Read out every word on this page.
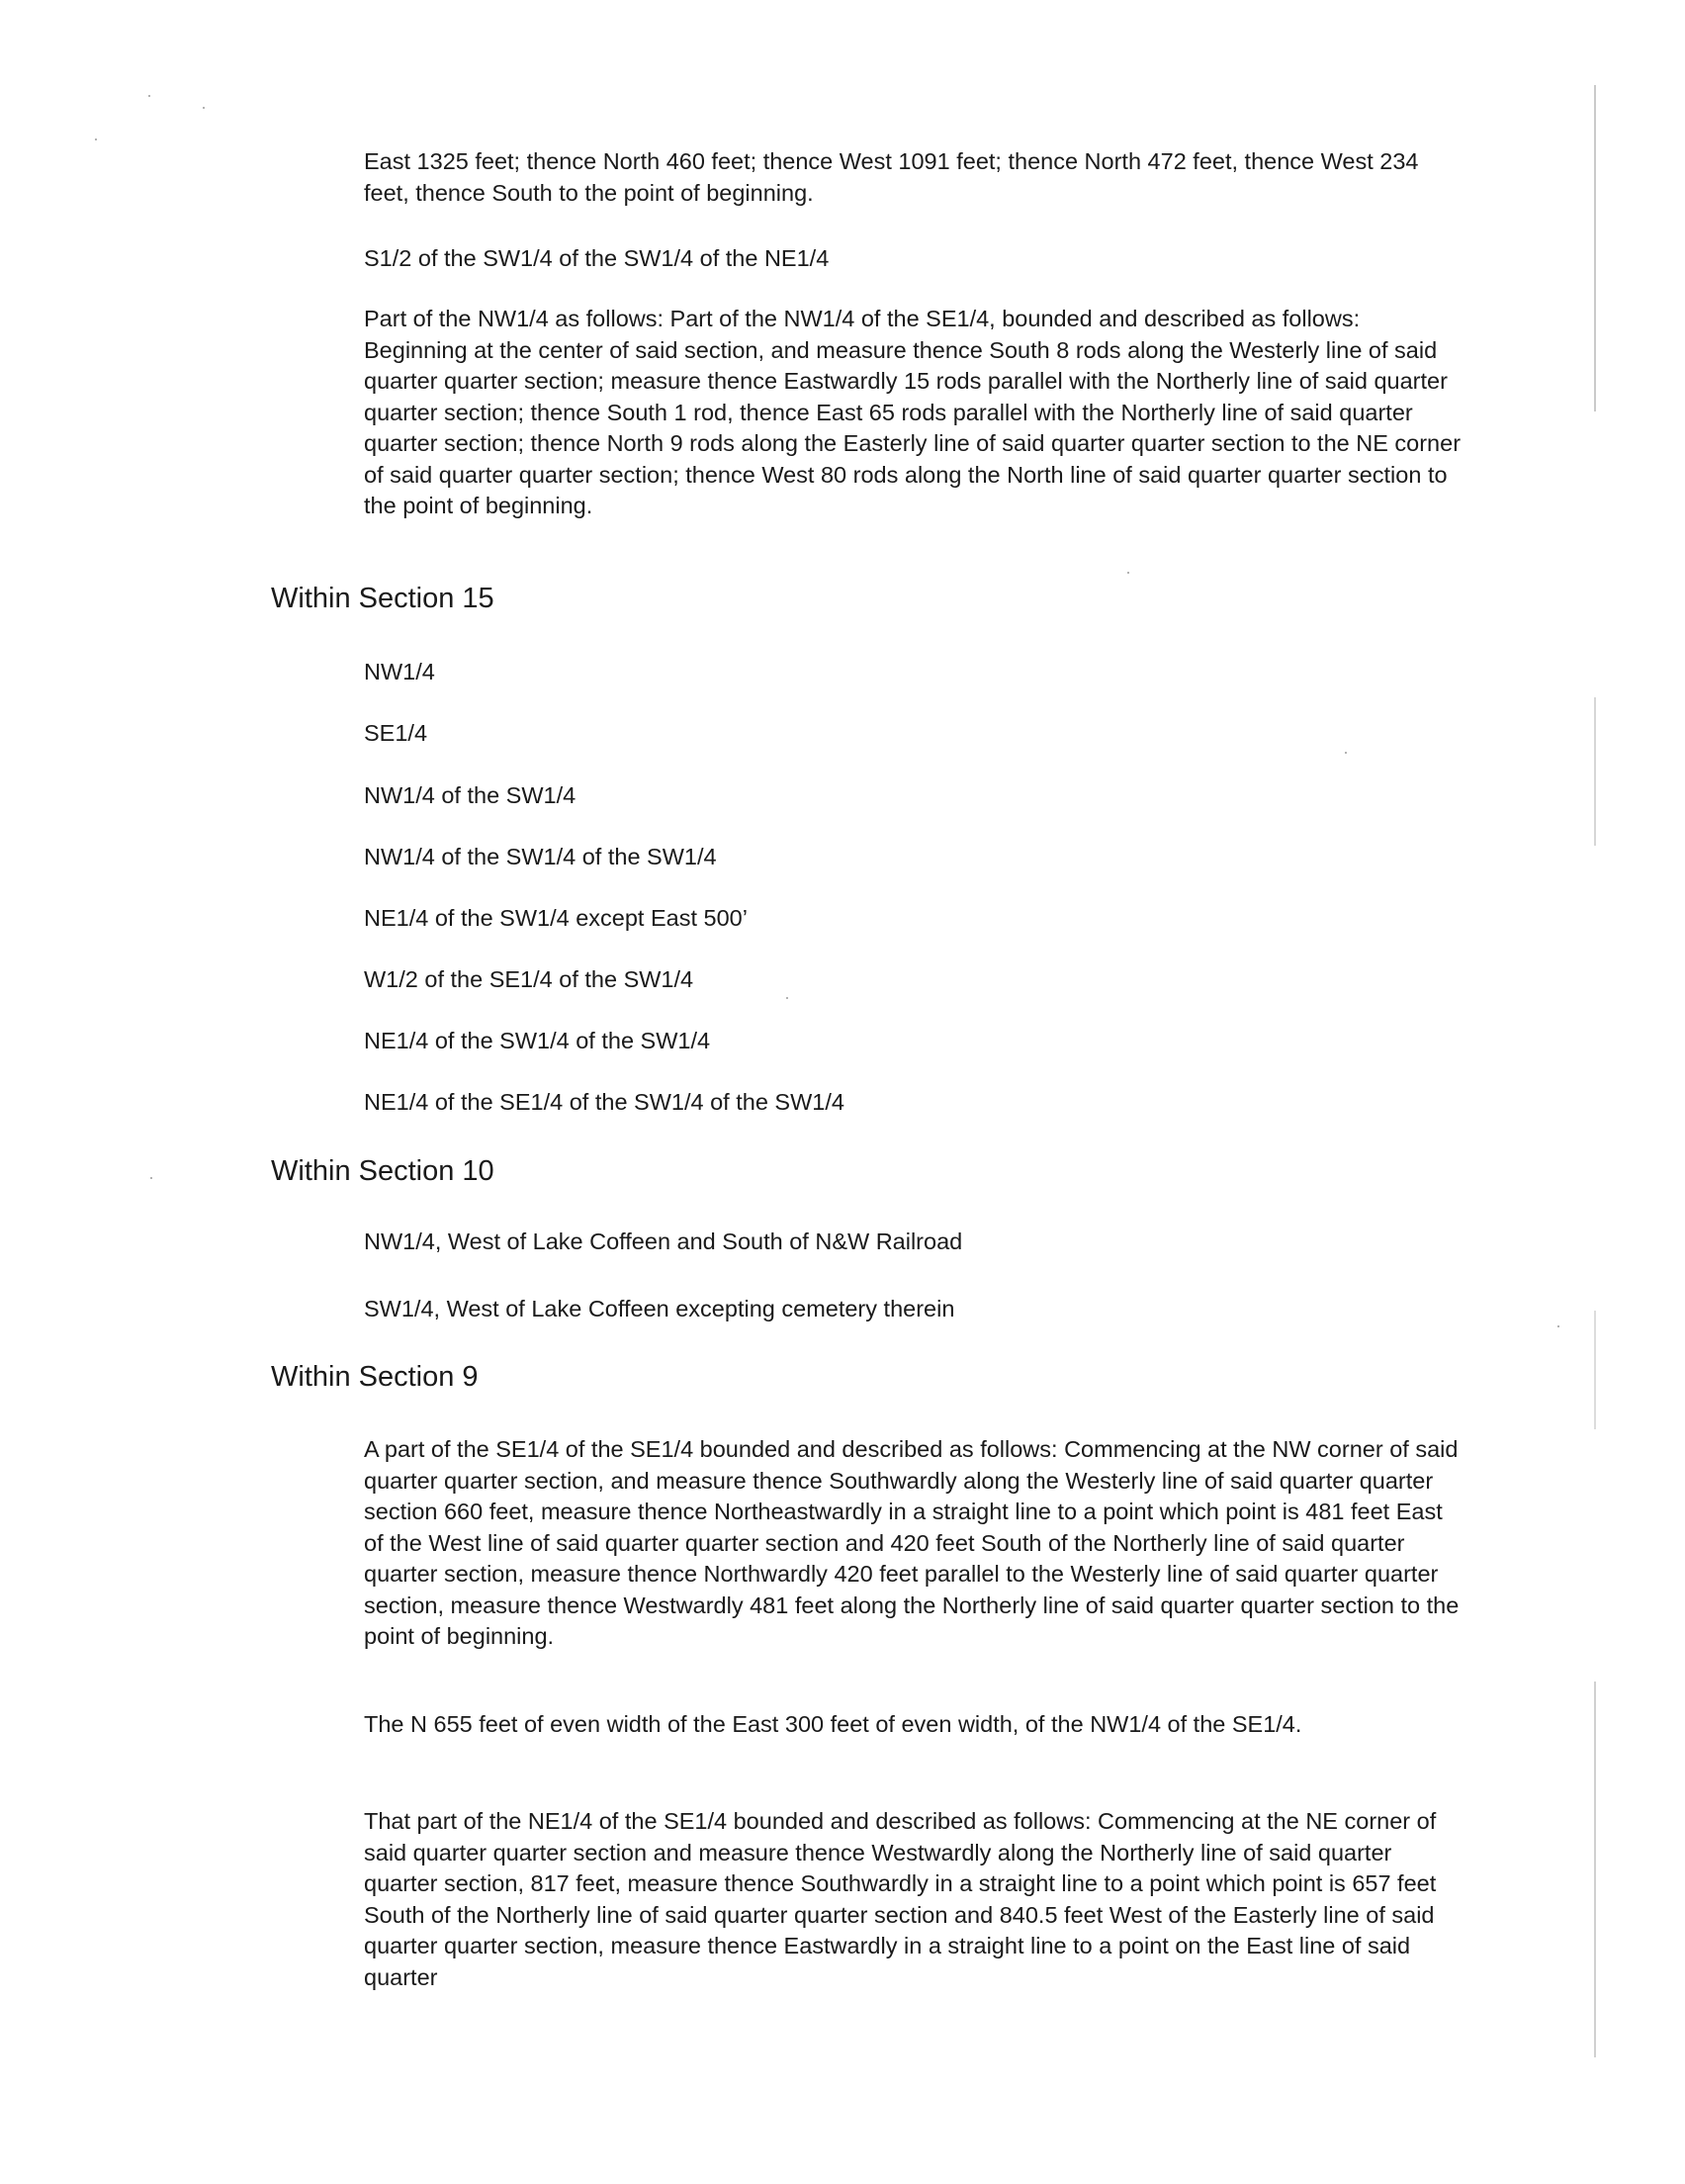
East 1325 feet; thence North 460 feet; thence West 1091 feet; thence North 472 feet, thence West 234 feet, thence South to the point of beginning.

S1/2 of the SW1/4 of the SW1/4 of the NE1/4

Part of the NW1/4 as follows: Part of the NW1/4 of the SE1/4, bounded and described as follows: Beginning at the center of said section, and measure thence South 8 rods along the Westerly line of said quarter quarter section; measure thence Eastwardly 15 rods parallel with the Northerly line of said quarter quarter section; thence South 1 rod, thence East 65 rods parallel with the Northerly line of said quarter quarter section; thence North 9 rods along the Easterly line of said quarter quarter section to the NE corner of said quarter quarter section; thence West 80 rods along the North line of said quarter quarter section to the point of beginning.

Within Section 15

NW1/4

SE1/4

NW1/4 of the SW1/4

NW1/4 of the SW1/4 of the SW1/4

NE1/4 of the SW1/4 except East 500’

W1/2 of the SE1/4 of the SW1/4

NE1/4 of the SW1/4 of the SW1/4

NE1/4 of the SE1/4 of the SW1/4 of the SW1/4

Within Section 10

NW1/4, West of Lake Coffeen and South of N&W Railroad

SW1/4, West of Lake Coffeen excepting cemetery therein

Within Section 9

A part of the SE1/4 of the SE1/4 bounded and described as follows: Commencing at the NW corner of said quarter quarter section, and measure thence Southwardly along the Westerly line of said quarter quarter section 660 feet, measure thence Northeastwardly in a straight line to a point which point is 481 feet East of the West line of said quarter quarter section and 420 feet South of the Northerly line of said quarter quarter section, measure thence Northwardly 420 feet parallel to the Westerly line of said quarter quarter section, measure thence Westwardly 481 feet along the Northerly line of said quarter quarter section to the point of beginning.

The N 655 feet of even width of the East 300 feet of even width, of the NW1/4 of the SE1/4.

That part of the NE1/4 of the SE1/4 bounded and described as follows: Commencing at the NE corner of said quarter quarter section and measure thence Westwardly along the Northerly line of said quarter quarter section, 817 feet, measure thence Southwardly in a straight line to a point which point is 657 feet South of the Northerly line of said quarter quarter section and 840.5 feet West of the Easterly line of said quarter quarter section, measure thence Eastwardly in a straight line to a point on the East line of said quarter
